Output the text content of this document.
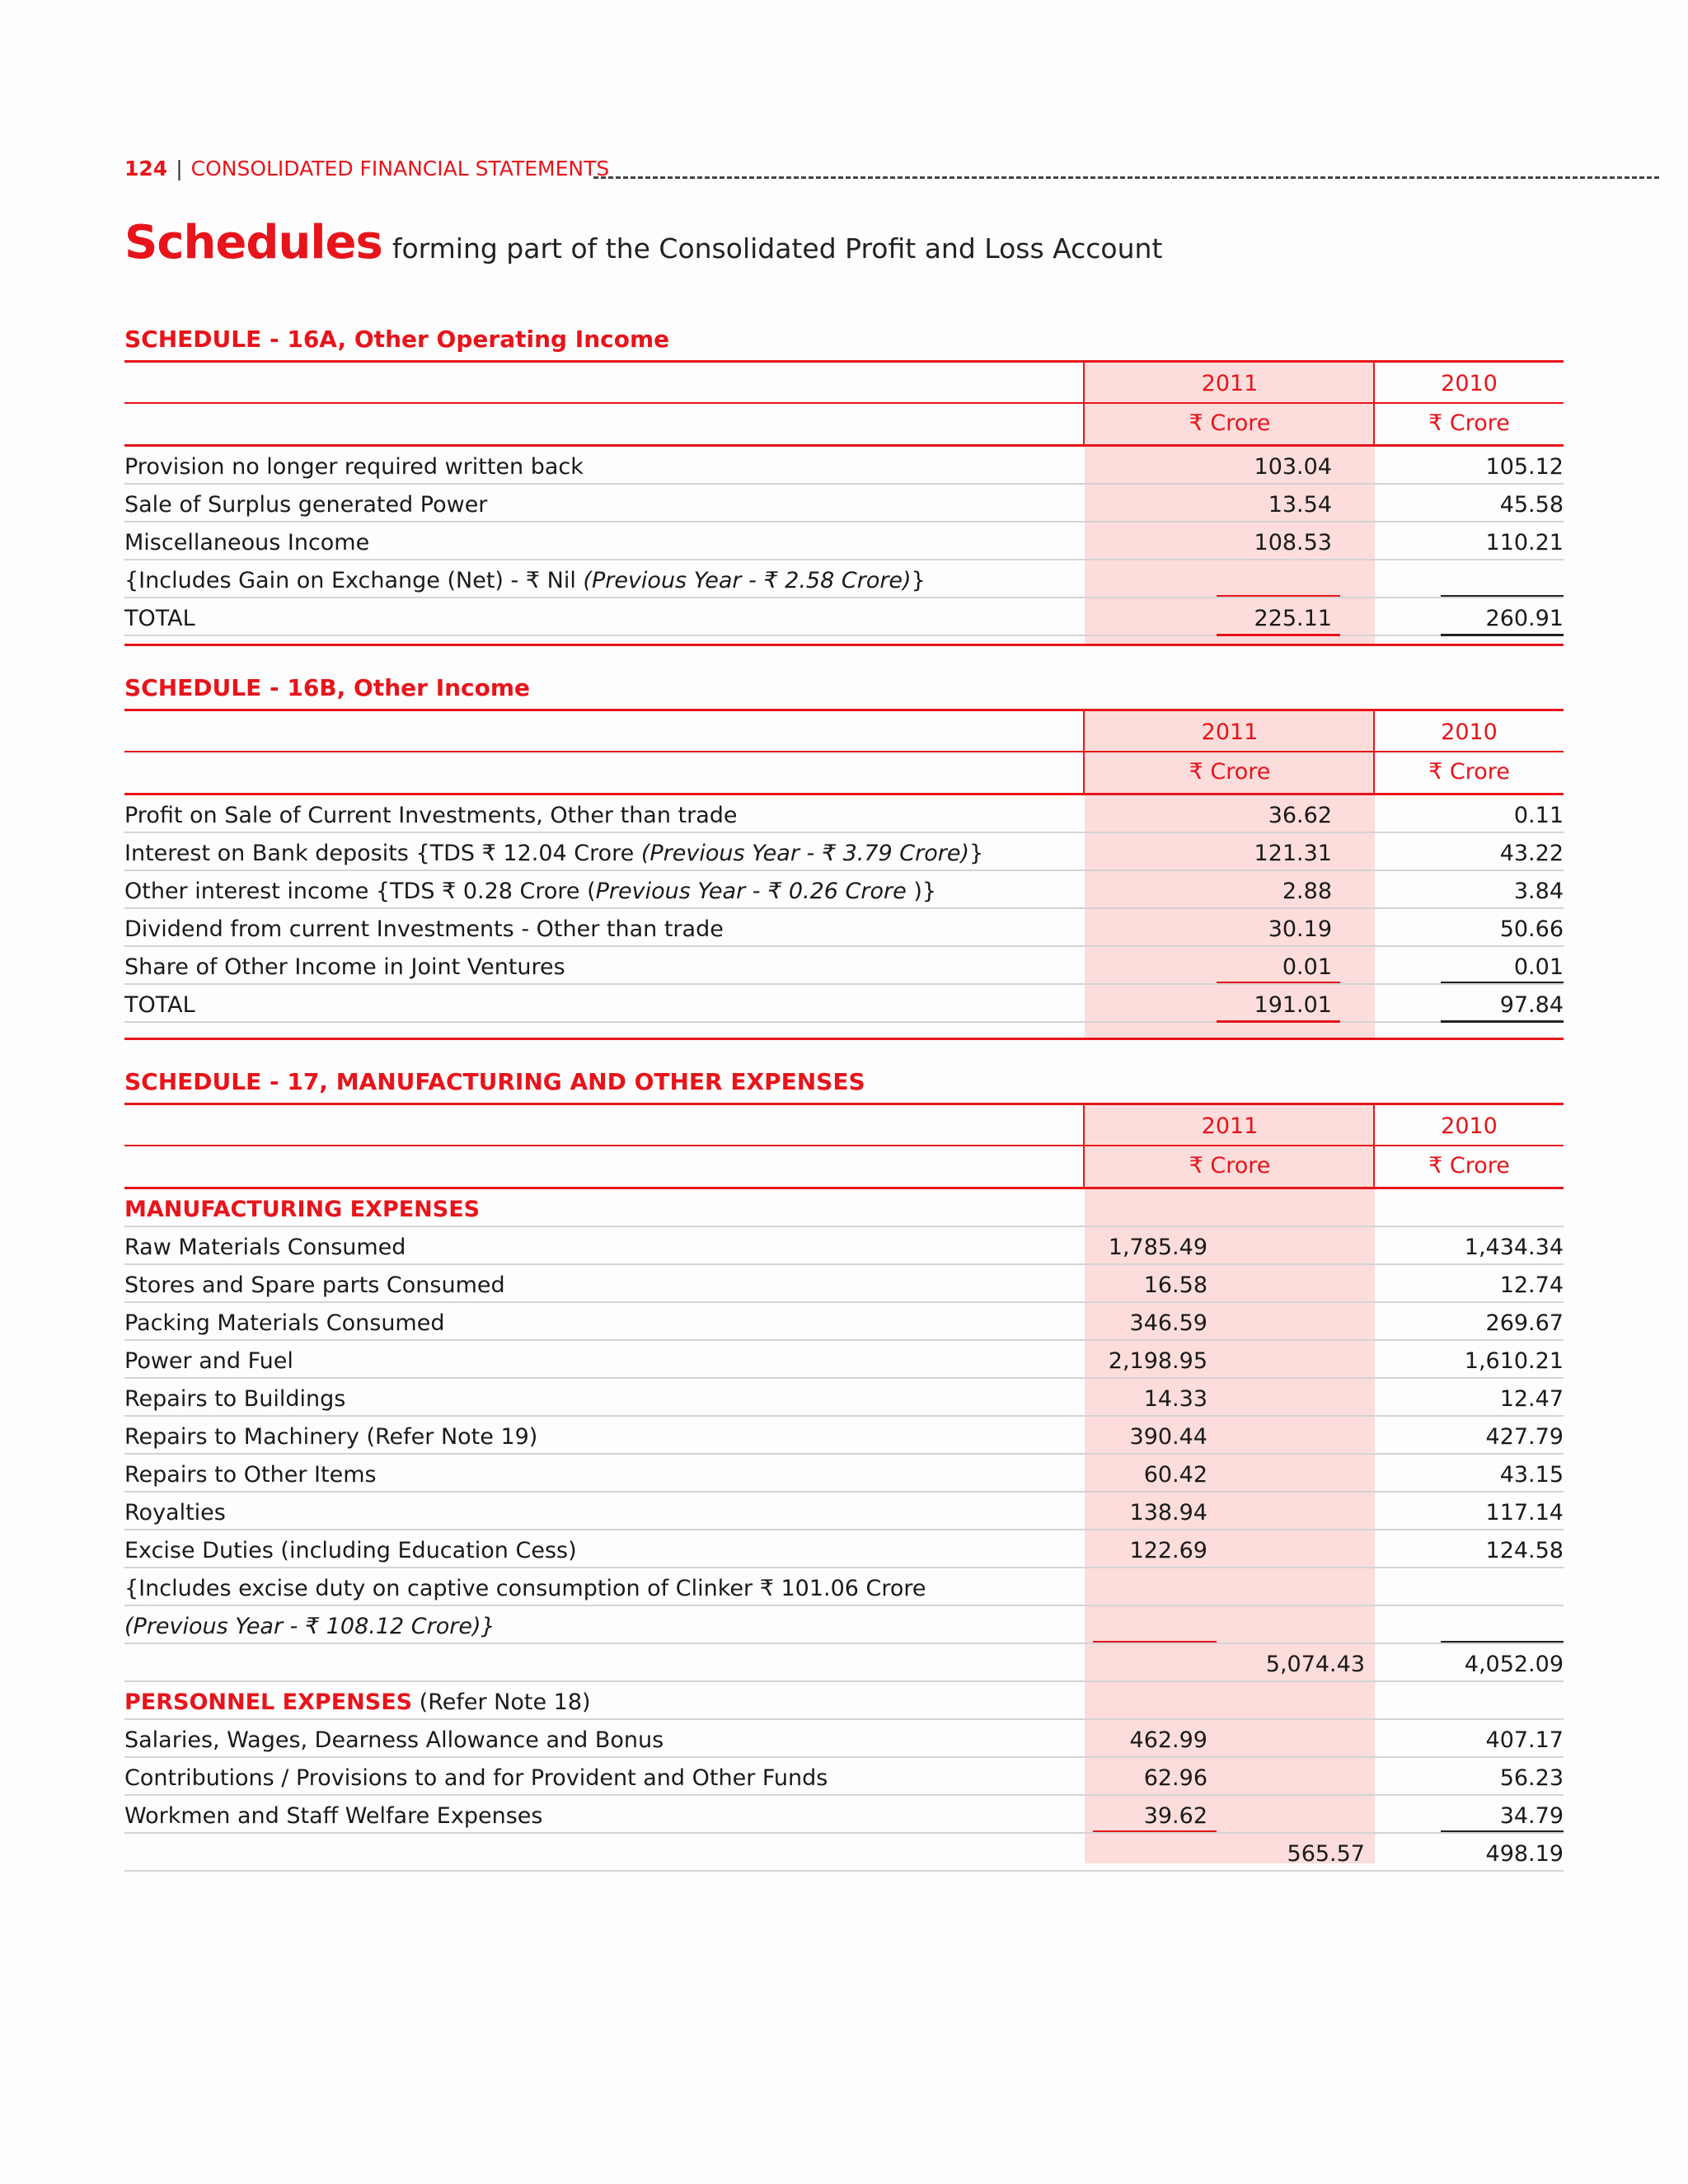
124 | CONSOLIDATED FINANCIAL STATEMENTS
Schedules forming part of the Consolidated Profit and Loss Account
SCHEDULE - 16A, Other Operating Income
2011	2010
₹ Crore	₹ Crore
Provision no longer required written back	103.04	105.12
Sale of Surplus generated Power	13.54	45.58
Miscellaneous Income	108.53	110.21
{Includes Gain on Exchange (Net) - ₹ Nil (Previous Year - ₹ 2.58 Crore)}
TOTAL	225.11	260.91
SCHEDULE - 16B, Other Income
2011	2010
₹ Crore	₹ Crore
Profit on Sale of Current Investments, Other than trade	36.62	0.11
Interest on Bank deposits {TDS ₹ 12.04 Crore (Previous Year - ₹ 3.79 Crore)}	121.31	43.22
Other interest income {TDS ₹ 0.28 Crore (Previous Year - ₹ 0.26 Crore )}	2.88	3.84
Dividend from current Investments - Other than trade	30.19	50.66
Share of Other Income in Joint Ventures	0.01	0.01
TOTAL	191.01	97.84
SCHEDULE - 17, MANUFACTURING AND OTHER EXPENSES
2011	2010
₹ Crore	₹ Crore
MANUFACTURING EXPENSES
Raw Materials Consumed	1,785.49	1,434.34
Stores and Spare parts Consumed	16.58	12.74
Packing Materials Consumed	346.59	269.67
Power and Fuel	2,198.95	1,610.21
Repairs to Buildings	14.33	12.47
Repairs to Machinery (Refer Note 19)	390.44	427.79
Repairs to Other Items	60.42	43.15
Royalties	138.94	117.14
Excise Duties (including Education Cess)	122.69	124.58
{Includes excise duty on captive consumption of Clinker ₹ 101.06 Crore
(Previous Year - ₹ 108.12 Crore)}
5,074.43	4,052.09
PERSONNEL EXPENSES (Refer Note 18)
Salaries, Wages, Dearness Allowance and Bonus	462.99	407.17
Contributions / Provisions to and for Provident and Other Funds	62.96	56.23
Workmen and Staff Welfare Expenses	39.62	34.79
565.57	498.19
